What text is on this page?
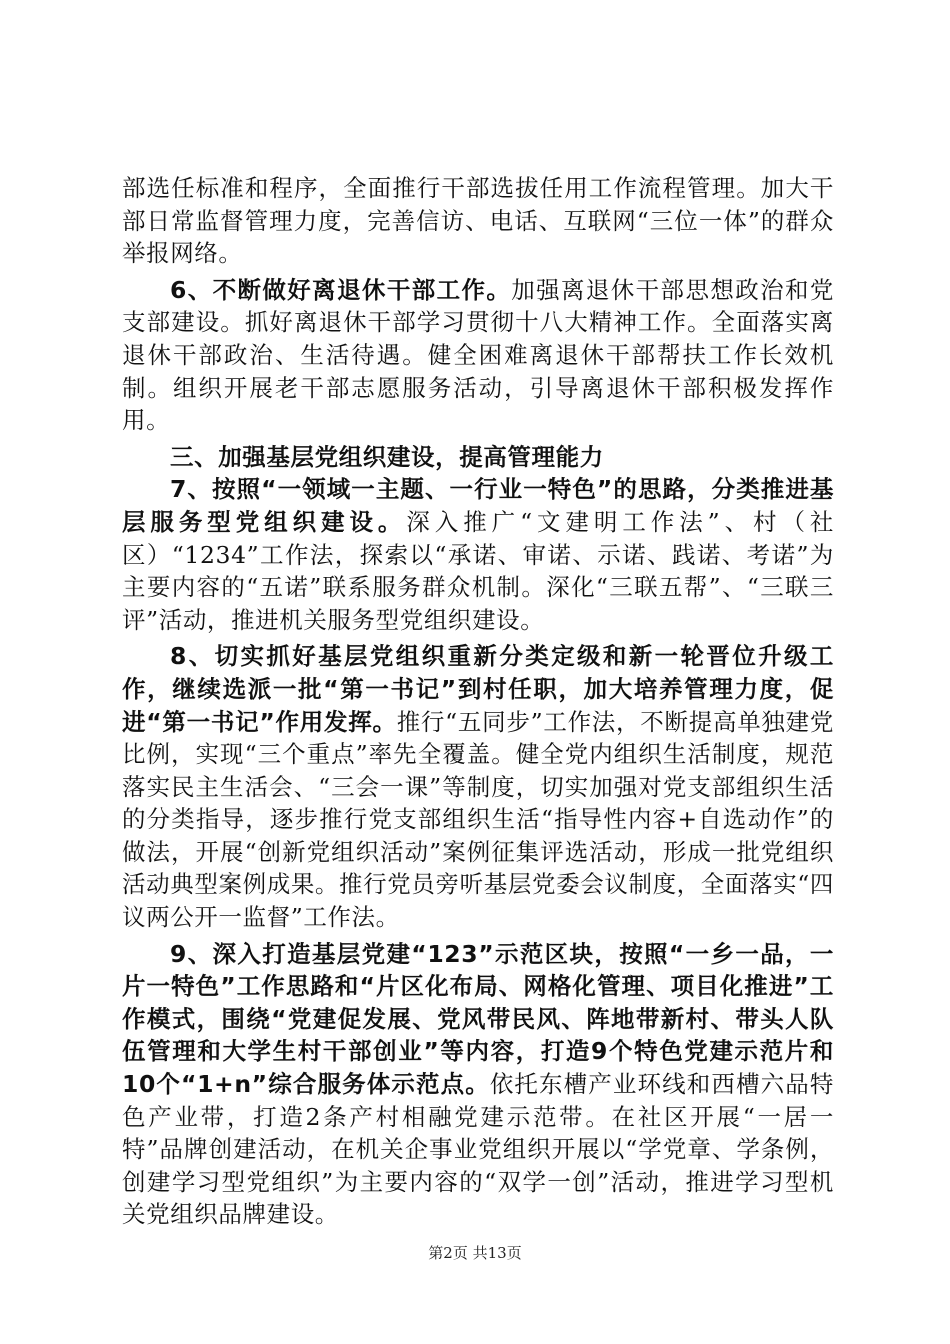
部选任标准和程序，全面推行干部选拔任用工作流程管理。加大干部日常监督管理力度，完善信访、电话、互联网“三位一体”的群众举报网络。

6、不断做好离退休干部工作。加强离退休干部思想政治和党支部建设。抓好离退休干部学习贯彻十八大精神工作。全面落实离退休干部政治、生活待遇。健全困难离退休干部帮扶工作长效机制。组织开展老干部志愿服务活动，引导离退休干部积极发挥作用。

三、加强基层党组织建设，提高管理能力

7、按照“一领域一主题、一行业一特色”的思路，分类推进基层服务型党组织建设。深入推广“文建明工作法”、村（社区）“1234”工作法，探索以“承诺、审诺、示诺、践诺、考诺”为主要内容的“五诺”联系服务群众机制。深化“三联五帮”、“三联三评”活动，推进机关服务型党组织建设。

8、切实抓好基层党组织重新分类定级和新一轮晋位升级工作，继续选派一批“第一书记”到村任职，加大培养管理力度，促进“第一书记”作用发挥。推行“五同步”工作法，不断提高单独建党比例，实现“三个重点”率先全覆盖。健全党内组织生活制度，规范落实民主生活会、“三会一课”等制度，切实加强对党支部组织生活的分类指导，逐步推行党支部组织生活“指导性内容+自选动作”的做法，开展“创新党组织活动”案例征集评选活动，形成一批党组织活动典型案例成果。推行党员旁听基层党委会议制度，全面落实“四议两公开一监督”工作法。

9、深入打造基层党建“123”示范区块，按照“一乡一品，一片一特色”工作思路和“片区化布局、网格化管理、项目化推进”工作模式，围绕“党建促发展、党风带民风、阵地带新村、带头人队伍管理和大学生村干部创业”等内容，打造9个特色党建示范片和10个“1+n”综合服务体示范点。依托东槽产业环线和西槽六品特色产业带，打造2条产村相融党建示范带。在社区开展“一居一特”品牌创建活动，在机关企事业党组织开展以“学党章、学条例，创建学习型党组织”为主要内容的“双学一创”活动，推进学习型机关党组织品牌建设。

第2页 共13页
